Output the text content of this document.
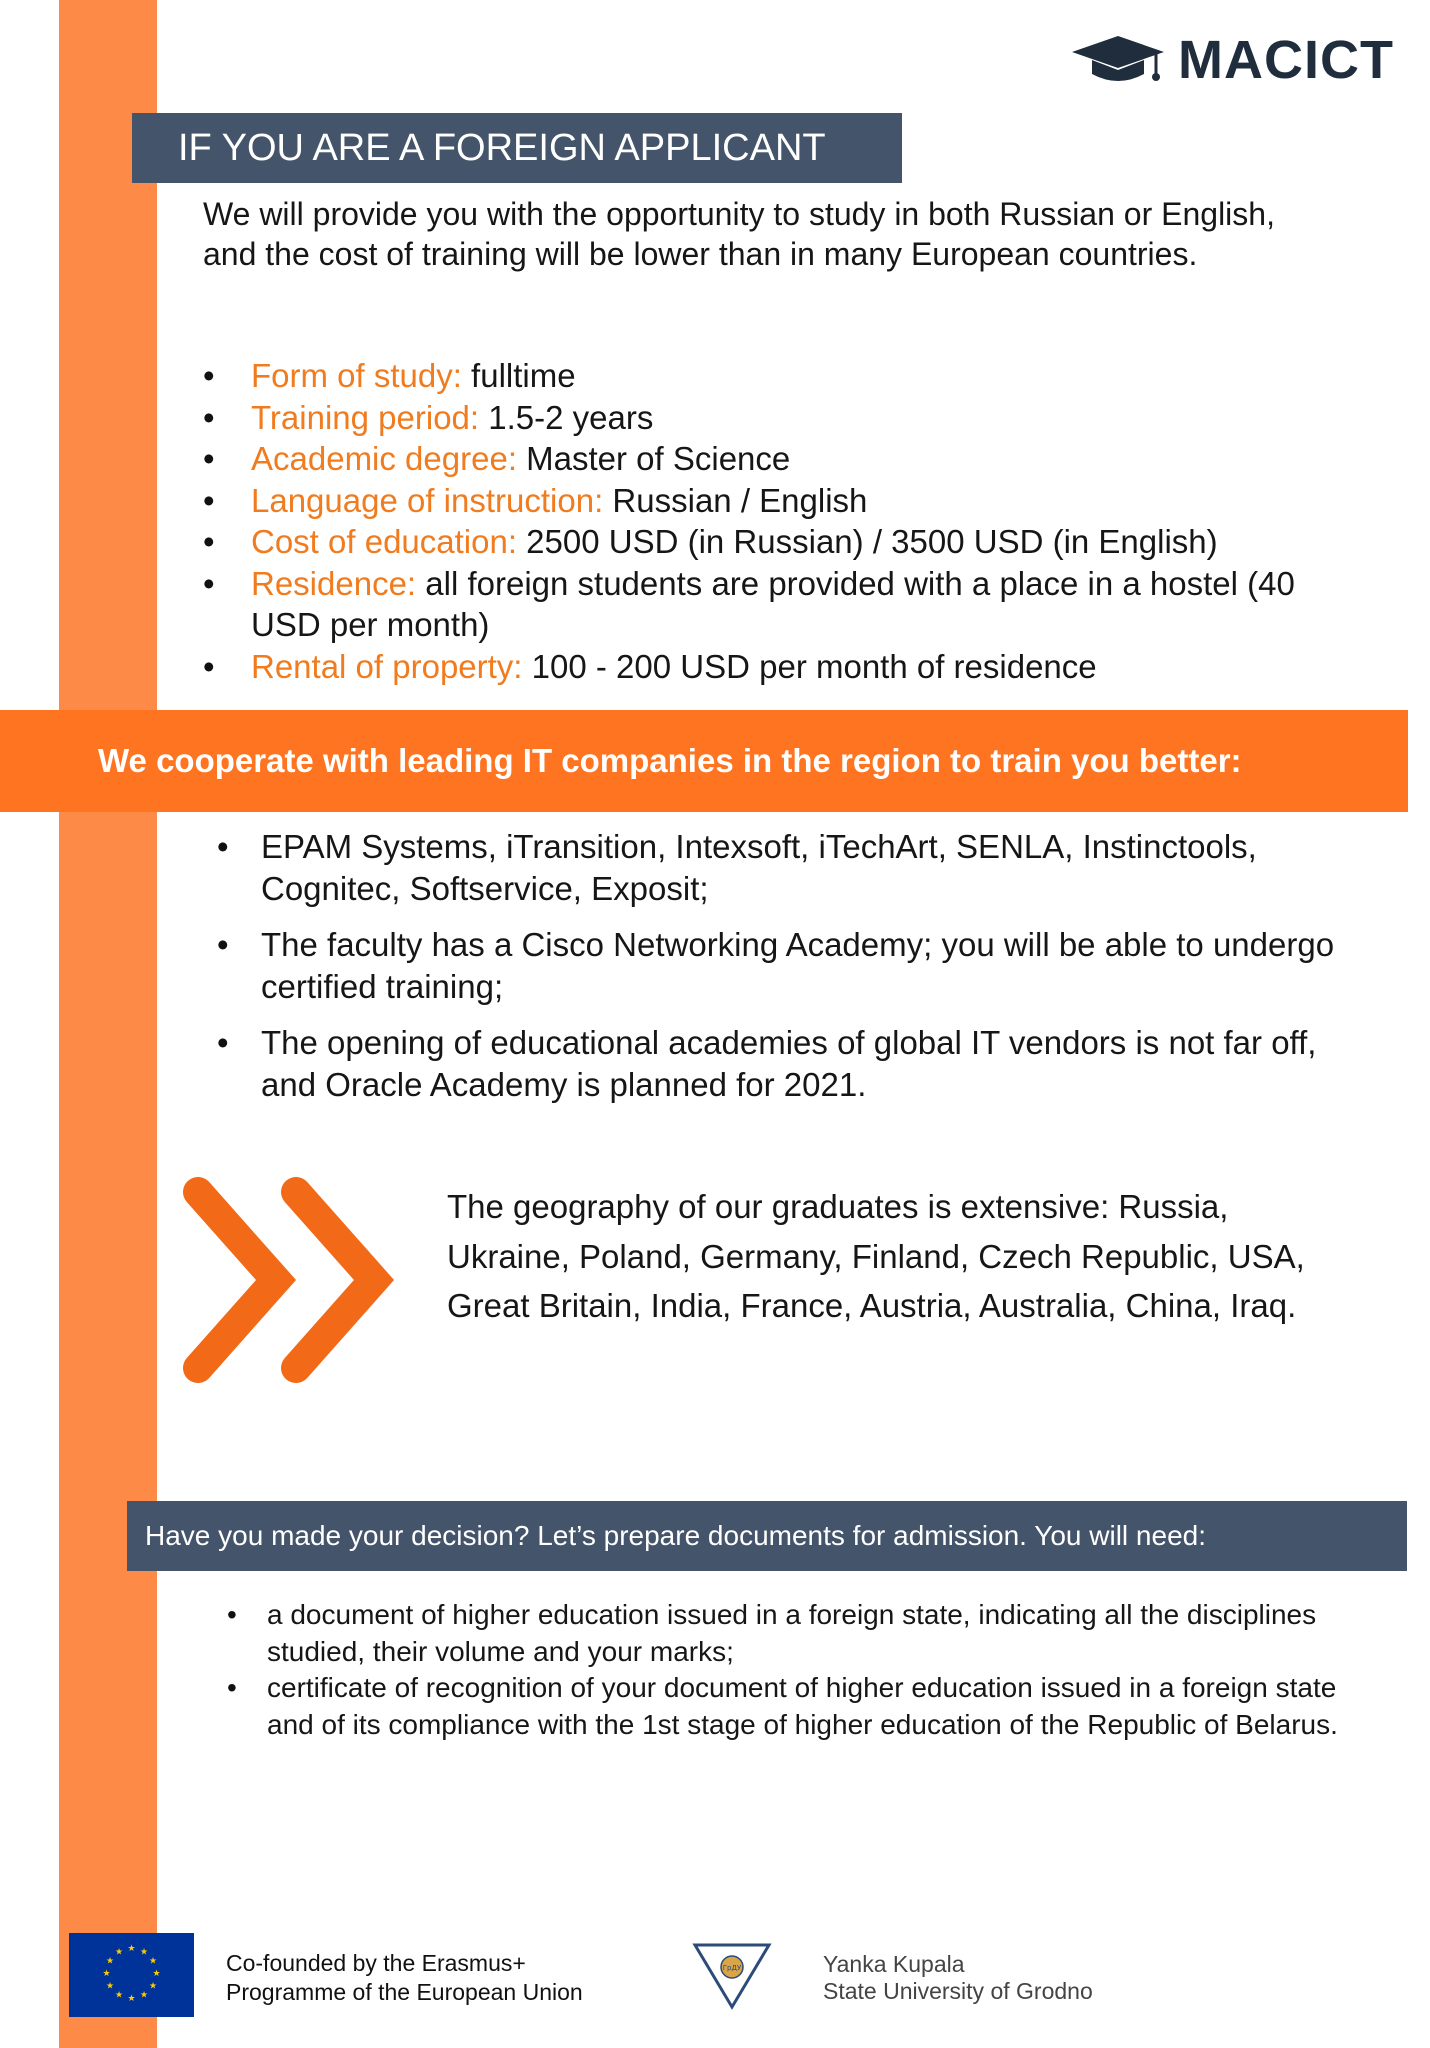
MACICT
IF YOU ARE A FOREIGN APPLICANT
We will provide you with the opportunity to study in both Russian or English, and the cost of training will be lower than in many European countries.
• Form of study: fulltime
• Training period: 1.5-2 years
• Academic degree: Master of Science
• Language of instruction: Russian / English
• Cost of education: 2500 USD (in Russian) / 3500 USD (in English)
• Residence: all foreign students are provided with a place in a hostel (40 USD per month)
• Rental of property: 100 - 200 USD per month of residence
We cooperate with leading IT companies in the region to train you better:
• EPAM Systems, iTransition, Intexsoft, iTechArt, SENLA, Instinctools, Cognitec, Softservice, Exposit;
• The faculty has a Cisco Networking Academy; you will be able to undergo certified training;
• The opening of educational academies of global IT vendors is not far off, and Oracle Academy is planned for 2021.
The geography of our graduates is extensive: Russia, Ukraine, Poland, Germany, Finland, Czech Republic, USA, Great Britain, India, France, Austria, Australia, China, Iraq.
Have you made your decision? Let’s prepare documents for admission. You will need:
• a document of higher education issued in a foreign state, indicating all the disciplines studied, their volume and your marks;
• certificate of recognition of your document of higher education issued in a foreign state and of its compliance with the 1st stage of higher education of the Republic of Belarus.
★ ★
★
★
★
★
★
★
★
★
★
★	Co-founded by the Erasmus+
Programme of the European Union
ГрДУ	Yanka Kupala
State University of Grodno
